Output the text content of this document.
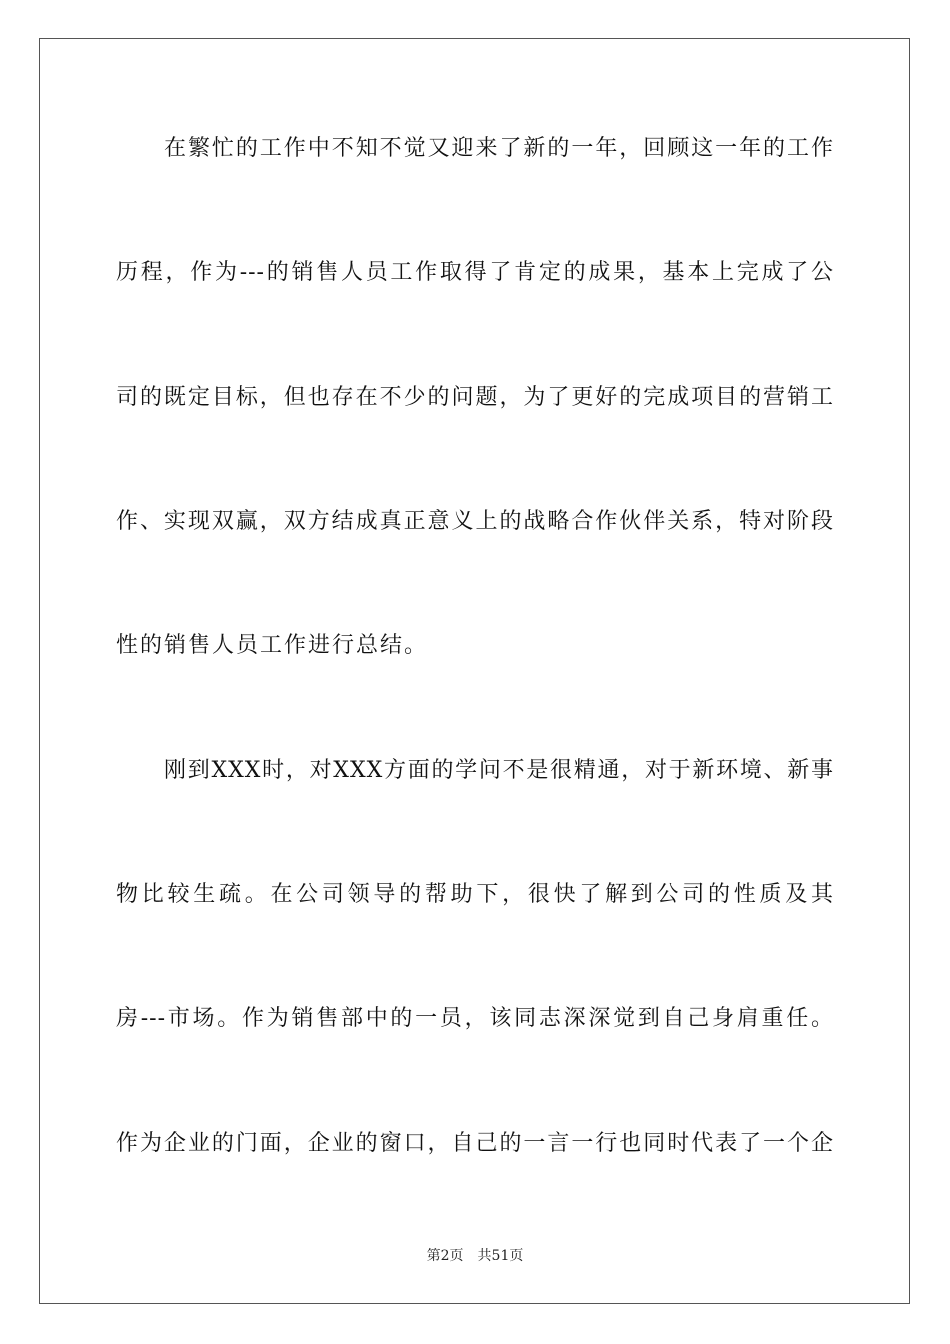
在繁忙的工作中不知不觉又迎来了新的一年，回顾这一年的工作
历程，作为---的销售人员工作取得了肯定的成果，基本上完成了公
司的既定目标，但也存在不少的问题，为了更好的完成项目的营销工
作、实现双赢，双方结成真正意义上的战略合作伙伴关系，特对阶段
性的销售人员工作进行总结。
刚到XXX时，对XXX方面的学问不是很精通，对于新环境、新事
物比较生疏。在公司领导的帮助下，很快了解到公司的性质及其
房---市场。作为销售部中的一员，该同志深深觉到自己身肩重任。
作为企业的门面，企业的窗口，自己的一言一行也同时代表了一个企
第2页 共51页
